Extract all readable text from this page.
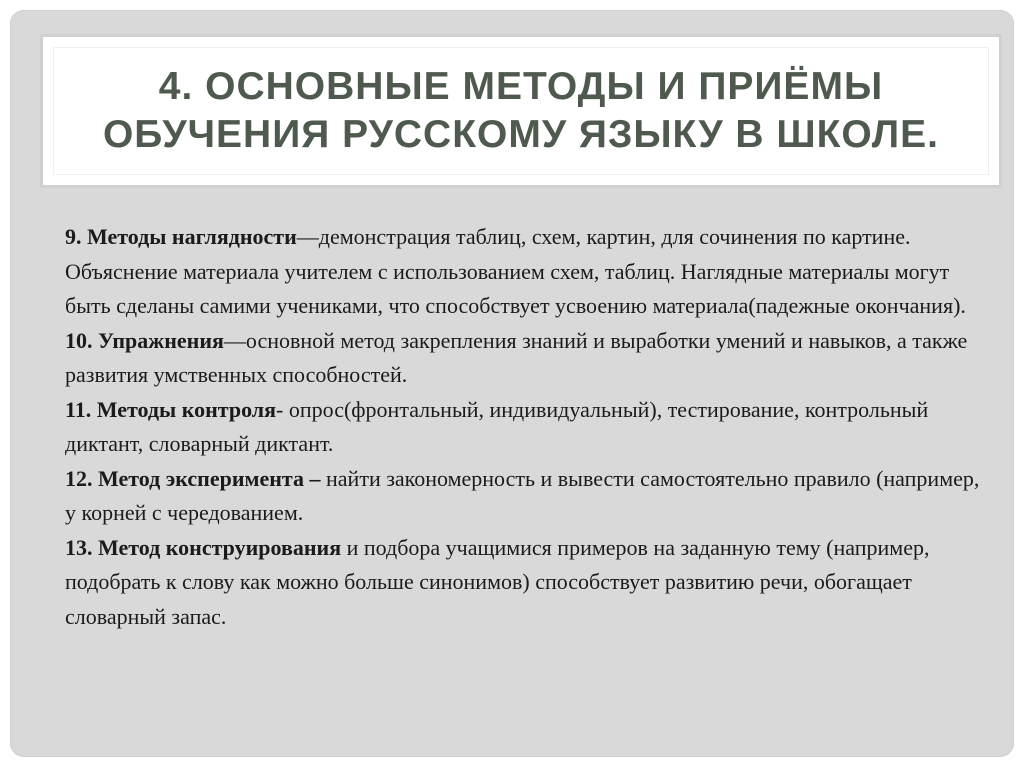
4. ОСНОВНЫЕ МЕТОДЫ И ПРИЁМЫ
ОБУЧЕНИЯ РУССКОМУ ЯЗЫКУ В ШКОЛЕ.

9. Методы наглядности—демонстрация таблиц, схем, картин, для сочинения по картине. Объяснение материала учителем с использованием схем, таблиц. Наглядные материалы могут быть сделаны самими учениками, что способствует усвоению материала(падежные окончания).

10. Упражнения—основной метод закрепления знаний и выработки умений и навыков, а также развития умственных способностей.

11. Методы контроля- опрос(фронтальный, индивидуальный), тестирование, контрольный диктант, словарный диктант.

12. Метод эксперимента – найти закономерность и вывести самостоятельно правило (например, у корней с чередованием.

13. Метод конструирования и подбора учащимися примеров на заданную тему (например, подобрать к слову как можно больше синонимов) способствует развитию речи, обогащает словарный запас.
